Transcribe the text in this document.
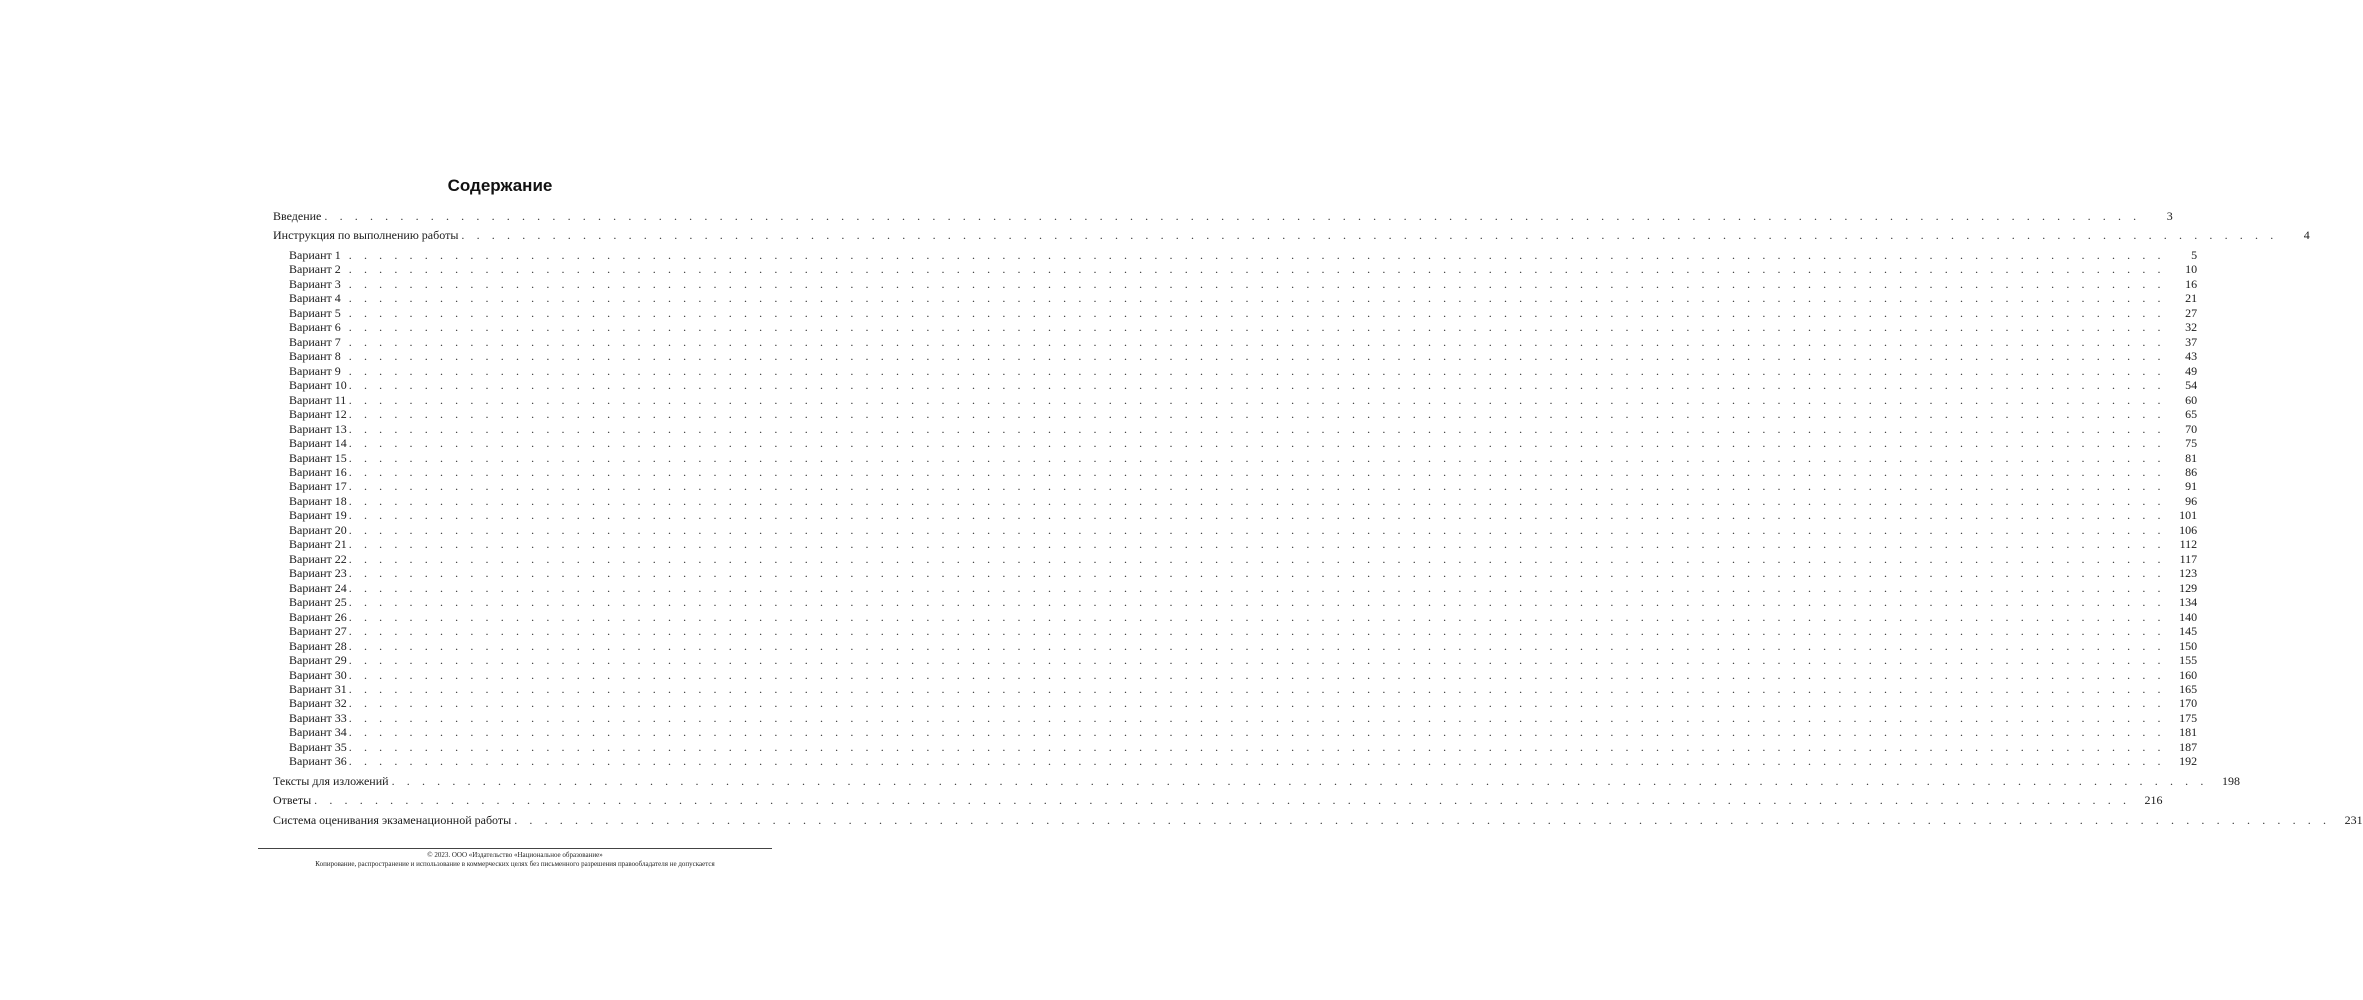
Содержание
Введение . . . . . . . . . . . . . . . . . . . . . . . . . . . . . . . . . . . . . . . . . . . . . . . . . . . . . . . . . . . . . . . . . . . . . . . . . . . . . . . . . . . . . . . . . . . . . . . . . . . . . . . . . . . . . . . . . . . . . . . .	3
Инструкция по выполнению работы . . . . . . . . . . . . . . . . . . . . . . . . . . . . . . . . . . . . . . . . . . . . . . . . . . . . . . . . . . . . . . . . . . . . . . . . . . . . . . . . . . . . . . . . . . . . . . . . . . . . . . . . . . . . . . . . . . . . . . . .	4
Вариант 1 . . . . . . . . . . . . . . . . . . . . . . . . . . . . . . . . . . . . . . . . . . . . . . . . . . . . . . . . . . . . . . . . . . . . . . . . . . . . . . . . . . . . . . . . . . . . . . . . . . . . . . . . . . . . . . . . . . . . . . . .	5
Вариант 2 . . . . . . . . . . . . . . . . . . . . . . . . . . . . . . . . . . . . . . . . . . . . . . . . . . . . . . . . . . . . . . . . . . . . . . . . . . . . . . . . . . . . . . . . . . . . . . . . . . . . . . . . . . . . . . . . . . . . . . . .	10
Вариант 3 . . . . . . . . . . . . . . . . . . . . . . . . . . . . . . . . . . . . . . . . . . . . . . . . . . . . . . . . . . . . . . . . . . . . . . . . . . . . . . . . . . . . . . . . . . . . . . . . . . . . . . . . . . . . . . . . . . . . . . . .	16
Вариант 4 . . . . . . . . . . . . . . . . . . . . . . . . . . . . . . . . . . . . . . . . . . . . . . . . . . . . . . . . . . . . . . . . . . . . . . . . . . . . . . . . . . . . . . . . . . . . . . . . . . . . . . . . . . . . . . . . . . . . . . . .	21
Вариант 5 . . . . . . . . . . . . . . . . . . . . . . . . . . . . . . . . . . . . . . . . . . . . . . . . . . . . . . . . . . . . . . . . . . . . . . . . . . . . . . . . . . . . . . . . . . . . . . . . . . . . . . . . . . . . . . . . . . . . . . . .	27
Вариант 6 . . . . . . . . . . . . . . . . . . . . . . . . . . . . . . . . . . . . . . . . . . . . . . . . . . . . . . . . . . . . . . . . . . . . . . . . . . . . . . . . . . . . . . . . . . . . . . . . . . . . . . . . . . . . . . . . . . . . . . . .	32
Вариант 7 . . . . . . . . . . . . . . . . . . . . . . . . . . . . . . . . . . . . . . . . . . . . . . . . . . . . . . . . . . . . . . . . . . . . . . . . . . . . . . . . . . . . . . . . . . . . . . . . . . . . . . . . . . . . . . . . . . . . . . . .	37
Вариант 8 . . . . . . . . . . . . . . . . . . . . . . . . . . . . . . . . . . . . . . . . . . . . . . . . . . . . . . . . . . . . . . . . . . . . . . . . . . . . . . . . . . . . . . . . . . . . . . . . . . . . . . . . . . . . . . . . . . . . . . . .	43
Вариант 9 . . . . . . . . . . . . . . . . . . . . . . . . . . . . . . . . . . . . . . . . . . . . . . . . . . . . . . . . . . . . . . . . . . . . . . . . . . . . . . . . . . . . . . . . . . . . . . . . . . . . . . . . . . . . . . . . . . . . . . . .	49
Вариант 10 . . . . . . . . . . . . . . . . . . . . . . . . . . . . . . . . . . . . . . . . . . . . . . . . . . . . . . . . . . . . . . . . . . . . . . . . . . . . . . . . . . . . . . . . . . . . . . . . . . . . . . . . . . . . . . . . . . . . . . . .	54
Вариант 11 . . . . . . . . . . . . . . . . . . . . . . . . . . . . . . . . . . . . . . . . . . . . . . . . . . . . . . . . . . . . . . . . . . . . . . . . . . . . . . . . . . . . . . . . . . . . . . . . . . . . . . . . . . . . . . . . . . . . . . . .	60
Вариант 12 . . . . . . . . . . . . . . . . . . . . . . . . . . . . . . . . . . . . . . . . . . . . . . . . . . . . . . . . . . . . . . . . . . . . . . . . . . . . . . . . . . . . . . . . . . . . . . . . . . . . . . . . . . . . . . . . . . . . . . . .	65
Вариант 13 . . . . . . . . . . . . . . . . . . . . . . . . . . . . . . . . . . . . . . . . . . . . . . . . . . . . . . . . . . . . . . . . . . . . . . . . . . . . . . . . . . . . . . . . . . . . . . . . . . . . . . . . . . . . . . . . . . . . . . . .	70
Вариант 14 . . . . . . . . . . . . . . . . . . . . . . . . . . . . . . . . . . . . . . . . . . . . . . . . . . . . . . . . . . . . . . . . . . . . . . . . . . . . . . . . . . . . . . . . . . . . . . . . . . . . . . . . . . . . . . . . . . . . . . . .	75
Вариант 15 . . . . . . . . . . . . . . . . . . . . . . . . . . . . . . . . . . . . . . . . . . . . . . . . . . . . . . . . . . . . . . . . . . . . . . . . . . . . . . . . . . . . . . . . . . . . . . . . . . . . . . . . . . . . . . . . . . . . . . . .	81
Вариант 16 . . . . . . . . . . . . . . . . . . . . . . . . . . . . . . . . . . . . . . . . . . . . . . . . . . . . . . . . . . . . . . . . . . . . . . . . . . . . . . . . . . . . . . . . . . . . . . . . . . . . . . . . . . . . . . . . . . . . . . . .	86
Вариант 17 . . . . . . . . . . . . . . . . . . . . . . . . . . . . . . . . . . . . . . . . . . . . . . . . . . . . . . . . . . . . . . . . . . . . . . . . . . . . . . . . . . . . . . . . . . . . . . . . . . . . . . . . . . . . . . . . . . . . . . . .	91
Вариант 18 . . . . . . . . . . . . . . . . . . . . . . . . . . . . . . . . . . . . . . . . . . . . . . . . . . . . . . . . . . . . . . . . . . . . . . . . . . . . . . . . . . . . . . . . . . . . . . . . . . . . . . . . . . . . . . . . . . . . . . . .	96
Вариант 19 . . . . . . . . . . . . . . . . . . . . . . . . . . . . . . . . . . . . . . . . . . . . . . . . . . . . . . . . . . . . . . . . . . . . . . . . . . . . . . . . . . . . . . . . . . . . . . . . . . . . . . . . . . . . . . . . . . . . . . . .	101
Вариант 20 . . . . . . . . . . . . . . . . . . . . . . . . . . . . . . . . . . . . . . . . . . . . . . . . . . . . . . . . . . . . . . . . . . . . . . . . . . . . . . . . . . . . . . . . . . . . . . . . . . . . . . . . . . . . . . . . . . . . . . . .	106
Вариант 21 . . . . . . . . . . . . . . . . . . . . . . . . . . . . . . . . . . . . . . . . . . . . . . . . . . . . . . . . . . . . . . . . . . . . . . . . . . . . . . . . . . . . . . . . . . . . . . . . . . . . . . . . . . . . . . . . . . . . . . . .	112
Вариант 22 . . . . . . . . . . . . . . . . . . . . . . . . . . . . . . . . . . . . . . . . . . . . . . . . . . . . . . . . . . . . . . . . . . . . . . . . . . . . . . . . . . . . . . . . . . . . . . . . . . . . . . . . . . . . . . . . . . . . . . . .	117
Вариант 23 . . . . . . . . . . . . . . . . . . . . . . . . . . . . . . . . . . . . . . . . . . . . . . . . . . . . . . . . . . . . . . . . . . . . . . . . . . . . . . . . . . . . . . . . . . . . . . . . . . . . . . . . . . . . . . . . . . . . . . . .	123
Вариант 24 . . . . . . . . . . . . . . . . . . . . . . . . . . . . . . . . . . . . . . . . . . . . . . . . . . . . . . . . . . . . . . . . . . . . . . . . . . . . . . . . . . . . . . . . . . . . . . . . . . . . . . . . . . . . . . . . . . . . . . . .	129
Вариант 25 . . . . . . . . . . . . . . . . . . . . . . . . . . . . . . . . . . . . . . . . . . . . . . . . . . . . . . . . . . . . . . . . . . . . . . . . . . . . . . . . . . . . . . . . . . . . . . . . . . . . . . . . . . . . . . . . . . . . . . . .	134
Вариант 26 . . . . . . . . . . . . . . . . . . . . . . . . . . . . . . . . . . . . . . . . . . . . . . . . . . . . . . . . . . . . . . . . . . . . . . . . . . . . . . . . . . . . . . . . . . . . . . . . . . . . . . . . . . . . . . . . . . . . . . . .	140
Вариант 27 . . . . . . . . . . . . . . . . . . . . . . . . . . . . . . . . . . . . . . . . . . . . . . . . . . . . . . . . . . . . . . . . . . . . . . . . . . . . . . . . . . . . . . . . . . . . . . . . . . . . . . . . . . . . . . . . . . . . . . . .	145
Вариант 28 . . . . . . . . . . . . . . . . . . . . . . . . . . . . . . . . . . . . . . . . . . . . . . . . . . . . . . . . . . . . . . . . . . . . . . . . . . . . . . . . . . . . . . . . . . . . . . . . . . . . . . . . . . . . . . . . . . . . . . . .	150
Вариант 29 . . . . . . . . . . . . . . . . . . . . . . . . . . . . . . . . . . . . . . . . . . . . . . . . . . . . . . . . . . . . . . . . . . . . . . . . . . . . . . . . . . . . . . . . . . . . . . . . . . . . . . . . . . . . . . . . . . . . . . . .	155
Вариант 30 . . . . . . . . . . . . . . . . . . . . . . . . . . . . . . . . . . . . . . . . . . . . . . . . . . . . . . . . . . . . . . . . . . . . . . . . . . . . . . . . . . . . . . . . . . . . . . . . . . . . . . . . . . . . . . . . . . . . . . . .	160
Вариант 31 . . . . . . . . . . . . . . . . . . . . . . . . . . . . . . . . . . . . . . . . . . . . . . . . . . . . . . . . . . . . . . . . . . . . . . . . . . . . . . . . . . . . . . . . . . . . . . . . . . . . . . . . . . . . . . . . . . . . . . . .	165
Вариант 32 . . . . . . . . . . . . . . . . . . . . . . . . . . . . . . . . . . . . . . . . . . . . . . . . . . . . . . . . . . . . . . . . . . . . . . . . . . . . . . . . . . . . . . . . . . . . . . . . . . . . . . . . . . . . . . . . . . . . . . . .	170
Вариант 33 . . . . . . . . . . . . . . . . . . . . . . . . . . . . . . . . . . . . . . . . . . . . . . . . . . . . . . . . . . . . . . . . . . . . . . . . . . . . . . . . . . . . . . . . . . . . . . . . . . . . . . . . . . . . . . . . . . . . . . . .	175
Вариант 34 . . . . . . . . . . . . . . . . . . . . . . . . . . . . . . . . . . . . . . . . . . . . . . . . . . . . . . . . . . . . . . . . . . . . . . . . . . . . . . . . . . . . . . . . . . . . . . . . . . . . . . . . . . . . . . . . . . . . . . . .	181
Вариант 35 . . . . . . . . . . . . . . . . . . . . . . . . . . . . . . . . . . . . . . . . . . . . . . . . . . . . . . . . . . . . . . . . . . . . . . . . . . . . . . . . . . . . . . . . . . . . . . . . . . . . . . . . . . . . . . . . . . . . . . . .	187
Вариант 36 . . . . . . . . . . . . . . . . . . . . . . . . . . . . . . . . . . . . . . . . . . . . . . . . . . . . . . . . . . . . . . . . . . . . . . . . . . . . . . . . . . . . . . . . . . . . . . . . . . . . . . . . . . . . . . . . . . . . . . . .	192
Тексты для изложений . . . . . . . . . . . . . . . . . . . . . . . . . . . . . . . . . . . . . . . . . . . . . . . . . . . . . . . . . . . . . . . . . . . . . . . . . . . . . . . . . . . . . . . . . . . . . . . . . . . . . . . . . . . . . . . . . . . . . . . .	198
Ответы . . . . . . . . . . . . . . . . . . . . . . . . . . . . . . . . . . . . . . . . . . . . . . . . . . . . . . . . . . . . . . . . . . . . . . . . . . . . . . . . . . . . . . . . . . . . . . . . . . . . . . . . . . . . . . . . . . . . . . . .	216
Система оценивания экзаменационной работы . . . . . . . . . . . . . . . . . . . . . . . . . . . . . . . . . . . . . . . . . . . . . . . . . . . . . . . . . . . . . . . . . . . . . . . . . . . . . . . . . . . . . . . . . . . . . . . . . . . . . . . . . . . . . . . . . . . . . . . .	231
© 2023. ООО «Издательство «Национальное образование»
Копирование, распространение и использование в коммерческих целях без письменного разрешения правообладателя не допускается
